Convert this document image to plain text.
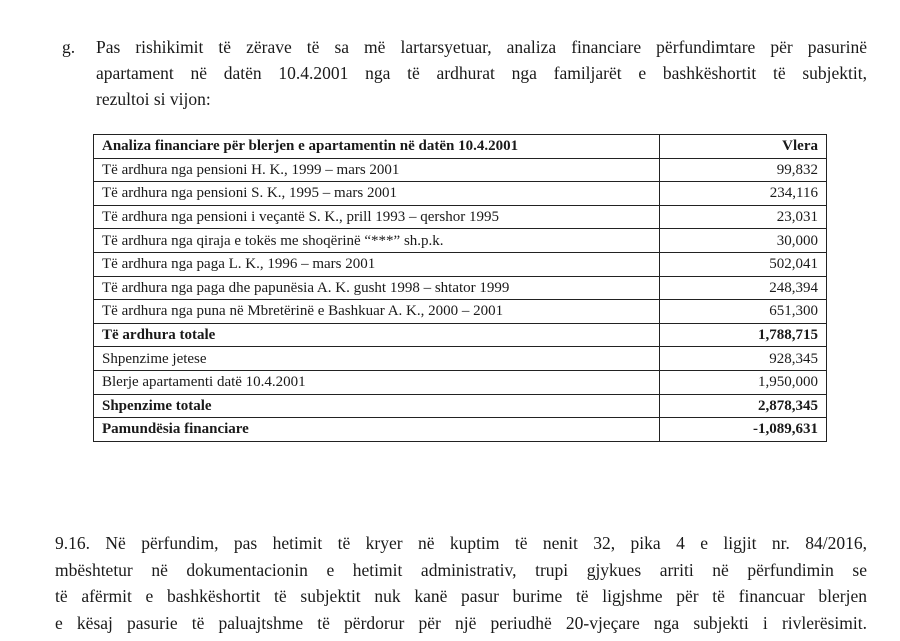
g. Pas rishikimit të zërave të sa më lartarsyetuar, analiza financiare përfundimtare për pasurinë
apartament në datën 10.4.2001 nga të ardhurat nga familjarët e bashkëshortit të subjektit,
rezultoi si vijon:
Analiza financiare për blerjen e apartamentin në datën 10.4.2001	Vlera
Të ardhura nga pensioni H. K., 1999 – mars 2001	99,832
Të ardhura nga pensioni S. K., 1995 – mars 2001	234,116
Të ardhura nga pensioni i veçantë S. K., prill 1993 – qershor 1995	23,031
Të ardhura nga qiraja e tokës me shoqërinë “***” sh.p.k.	30,000
Të ardhura nga paga L. K., 1996 – mars 2001	502,041
Të ardhura nga paga dhe papunësia A. K. gusht 1998 – shtator 1999	248,394
Të ardhura nga puna në Mbretërinë e Bashkuar A. K., 2000 – 2001	651,300
Të ardhura totale	1,788,715
Shpenzime jetese	928,345
Blerje apartamenti datë 10.4.2001	1,950,000
Shpenzime totale	2,878,345
Pamundësia financiare	-1,089,631
9.16. Në përfundim, pas hetimit të kryer në kuptim të nenit 32, pika 4 e ligjit nr. 84/2016,
mbështetur në dokumentacionin e hetimit administrativ, trupi gjykues arriti në përfundimin se
të afërmit e bashkëshortit të subjektit nuk kanë pasur burime të ligjshme për të financuar blerjen
e kësaj pasurie të paluajtshme të përdorur për një periudhë 20-vjeçare nga subjekti i rivlerësimit.
